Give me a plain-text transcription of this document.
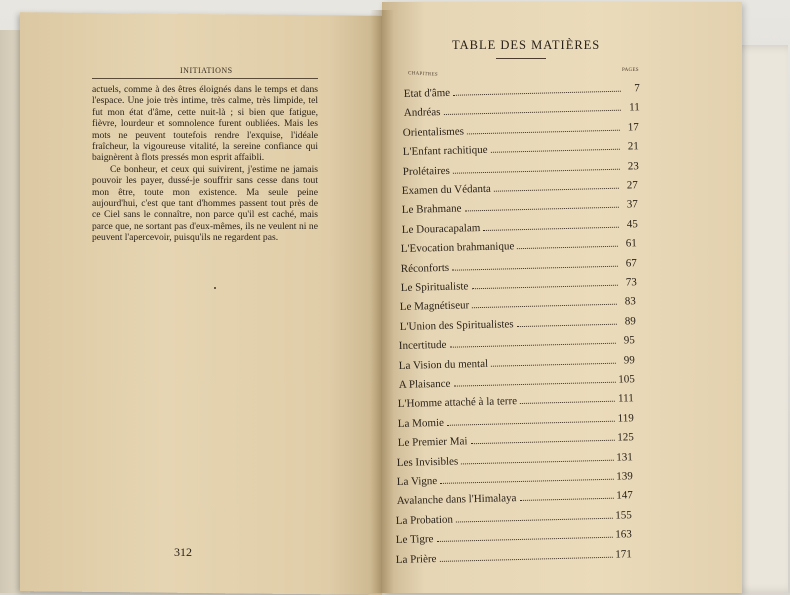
INITIATIONS

actuels, comme à des êtres éloignés dans le temps et dans l'espace. Une joie très intime, très calme, très limpide, tel fut mon état d'âme, cette nuit-là ; si bien que fatigue, fièvre, lourdeur et somnolence furent oubliées. Mais les mots ne peuvent toutefois rendre l'exquise, l'idéale fraîcheur, la vigoureuse vitalité, la sereine confiance qui baignèrent à flots pressés mon esprit affaibli.

Ce bonheur, et ceux qui suivirent, j'estime ne jamais pouvoir les payer, dussé-je souffrir sans cesse dans tout mon être, toute mon existence. Ma seule peine aujourd'hui, c'est que tant d'hommes passent tout près de ce Ciel sans le connaître, non parce qu'il est caché, mais parce que, ne sortant pas d'eux-mêmes, ils ne veulent ni ne peuvent l'apercevoir, puisqu'ils ne regardent pas.

312
TABLE DES MATIÈRES
CHAPITRES
PAGES
Etat d'âme	7
Andréas	11
Orientalismes	17
L'Enfant rachitique	21
Prolétaires	23
Examen du Védanta	27
Le Brahmane	37
Le Douracapalam	45
L'Evocation brahmanique	61
Réconforts	67
Le Spiritualiste	73
Le Magnétiseur	83
L'Union des Spiritualistes	89
Incertitude	95
La Vision du mental	99
A Plaisance	105
L'Homme attaché à la terre	111
La Momie	119
Le Premier Mai	125
Les Invisibles	131
La Vigne	139
Avalanche dans l'Himalaya	147
La Probation	155
Le Tigre	163
La Prière	171
